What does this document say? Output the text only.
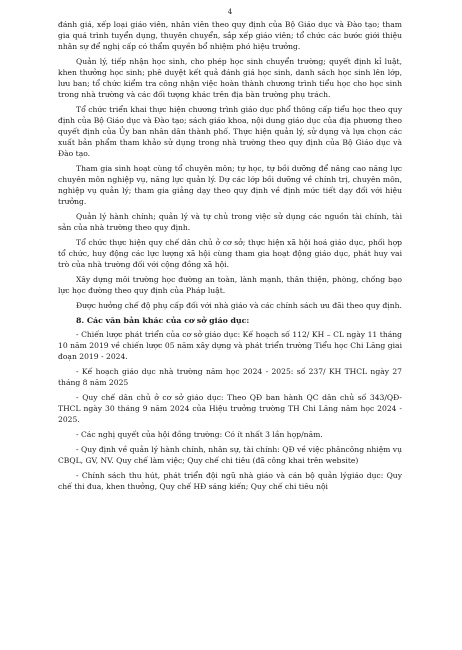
4

đánh giá, xếp loại giáo viên, nhân viên theo quy định của Bộ Giáo dục và Đào tạo; tham gia quá trình tuyển dụng, thuyên chuyển, sắp xếp giáo viên; tổ chức các bước giới thiệu nhân sự để nghị cấp có thẩm quyền bổ nhiệm phó hiệu trưởng.

Quản lý, tiếp nhận học sinh, cho phép học sinh chuyển trường; quyết định kỉ luật, khen thưởng học sinh; phê duyệt kết quả đánh giá học sinh, danh sách học sinh lên lớp, lưu ban; tổ chức kiểm tra công nhận việc hoàn thành chương trình tiểu học cho học sinh trong nhà trường và các đối tượng khác trên địa bàn trường phụ trách.

Tổ chức triển khai thực hiện chương trình giáo dục phổ thông cấp tiểu học theo quy định của Bộ Giáo dục và Đào tạo; sách giáo khoa, nội dung giáo dục của địa phương theo quyết định của Ủy ban nhân dân thành phố. Thực hiện quản lý, sử dụng và lựa chọn các xuất bản phẩm tham khảo sử dụng trong nhà trường theo quy định của Bộ Giáo dục và Đào tạo.

Tham gia sinh hoạt cùng tổ chuyên môn; tự học, tự bồi dưỡng để nâng cao năng lực chuyên môn nghiệp vụ, năng lực quản lý. Dự các lớp bồi dưỡng về chính trị, chuyên môn, nghiệp vụ quản lý; tham gia giảng dạy theo quy định về định mức tiết dạy đối với hiệu trưởng.

Quản lý hành chính; quản lý và tự chủ trong việc sử dụng các nguồn tài chính, tài sản của nhà trường theo quy định.

Tổ chức thực hiện quy chế dân chủ ở cơ sở; thực hiện xã hội hoá giáo dục, phối hợp tổ chức, huy động các lực lượng xã hội cùng tham gia hoạt động giáo dục, phát huy vai trò của nhà trường đối với cộng đồng xã hội.

Xây dựng môi trường học đường an toàn, lành mạnh, thân thiện, phòng, chống bạo lực học đường theo quy định của Pháp luật.

Được hưởng chế độ phụ cấp đối với nhà giáo và các chính sách ưu đãi theo quy định.

8. Các văn bản khác của cơ sở giáo dục:

- Chiến lược phát triển của cơ sở giáo dục: Kế hoạch số 112/ KH – CL ngày 11 tháng 10 năm 2019 về chiến lược 05 năm xây dựng và phát triển trường Tiểu học Chi Lăng giai đoạn 2019 - 2024.

- Kế hoạch giáo dục nhà trường năm học 2024 - 2025: số 237/ KH THCL ngày 27 tháng 8 năm 2025

- Quy chế dân chủ ở cơ sở giáo dục: Theo QĐ ban hành QC dân chủ số 343/QĐ-THCL ngày 30 tháng 9 năm 2024 của Hiệu trưởng trường TH Chi Lăng năm học 2024 - 2025.

- Các nghị quyết của hội đồng trường: Có ít nhất 3 lần họp/năm.

- Quy định về quản lý hành chính, nhân sự, tài chính: QĐ về việc phâncông nhiệm vụ CBQL, GV, NV. Quy chế làm việc; Quy chế chi tiêu (đã công khai trên website)

- Chính sách thu hút, phát triển đội ngũ nhà giáo và cán bộ quản lýgiáo dục: Quy chế thi đua, khen thưởng, Quy chế HĐ sáng kiến; Quy chế chi tiêu nội
